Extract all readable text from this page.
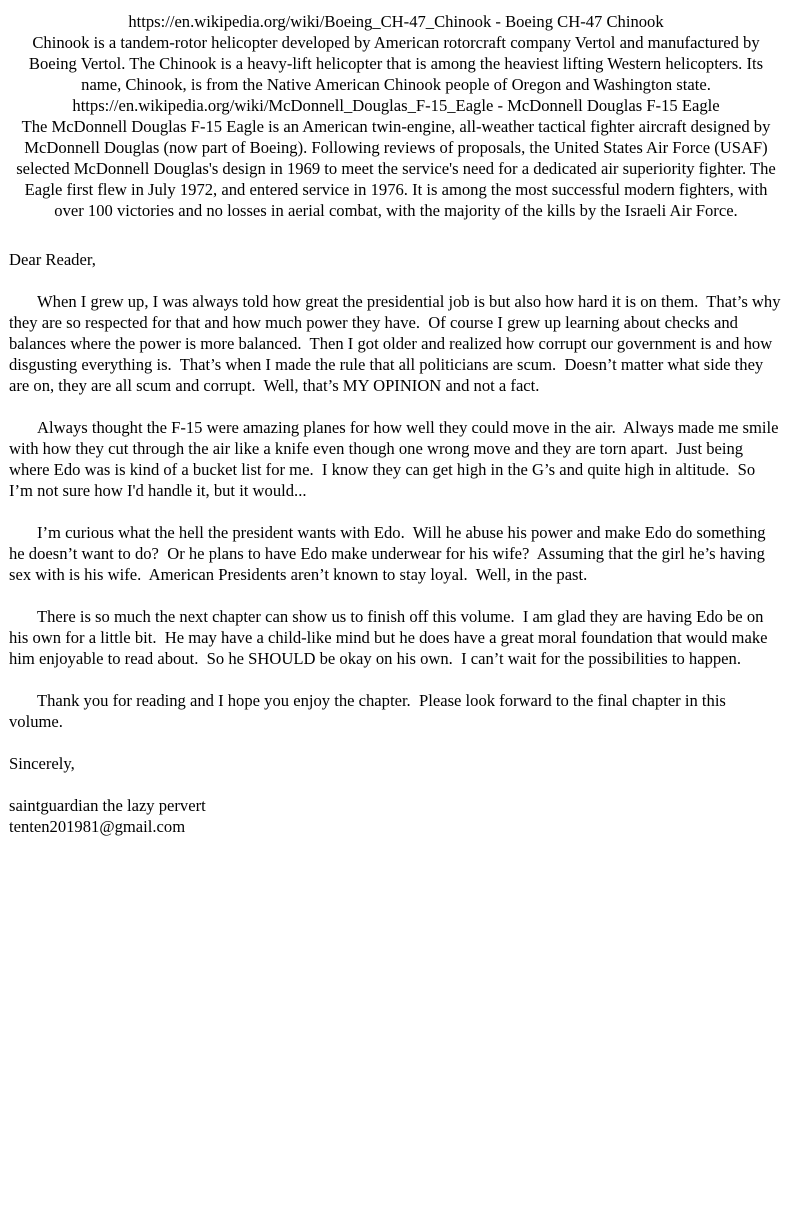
https://en.wikipedia.org/wiki/Boeing_CH-47_Chinook - Boeing CH-47 Chinook
Chinook is a tandem-rotor helicopter developed by American rotorcraft company Vertol and manufactured by Boeing Vertol. The Chinook is a heavy-lift helicopter that is among the heaviest lifting Western helicopters. Its name, Chinook, is from the Native American Chinook people of Oregon and Washington state.
https://en.wikipedia.org/wiki/McDonnell_Douglas_F-15_Eagle - McDonnell Douglas F-15 Eagle
The McDonnell Douglas F-15 Eagle is an American twin-engine, all-weather tactical fighter aircraft designed by McDonnell Douglas (now part of Boeing). Following reviews of proposals, the United States Air Force (USAF) selected McDonnell Douglas's design in 1969 to meet the service's need for a dedicated air superiority fighter. The Eagle first flew in July 1972, and entered service in 1976. It is among the most successful modern fighters, with over 100 victories and no losses in aerial combat, with the majority of the kills by the Israeli Air Force.

Dear Reader,

When I grew up, I was always told how great the presidential job is but also how hard it is on them.  That’s why they are so respected for that and how much power they have.  Of course I grew up learning about checks and balances where the power is more balanced.  Then I got older and realized how corrupt our government is and how disgusting everything is.  That’s when I made the rule that all politicians are scum.  Doesn’t matter what side they are on, they are all scum and corrupt.  Well, that’s MY OPINION and not a fact.

Always thought the F-15 were amazing planes for how well they could move in the air.  Always made me smile with how they cut through the air like a knife even though one wrong move and they are torn apart.  Just being where Edo was is kind of a bucket list for me.  I know they can get high in the G’s and quite high in altitude.  So I’m not sure how I'd handle it, but it would...

I’m curious what the hell the president wants with Edo.  Will he abuse his power and make Edo do something he doesn’t want to do?  Or he plans to have Edo make underwear for his wife?  Assuming that the girl he’s having sex with is his wife.  American Presidents aren’t known to stay loyal.  Well, in the past.

There is so much the next chapter can show us to finish off this volume.  I am glad they are having Edo be on his own for a little bit.  He may have a child-like mind but he does have a great moral foundation that would make him enjoyable to read about.  So he SHOULD be okay on his own.  I can’t wait for the possibilities to happen.

Thank you for reading and I hope you enjoy the chapter.  Please look forward to the final chapter in this volume.

Sincerely,

saintguardian the lazy pervert

tenten201981@gmail.com
